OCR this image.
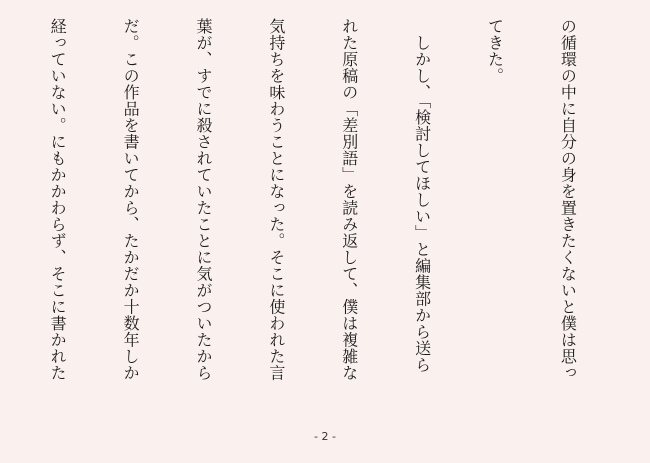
の循環の中に自分の身を置きたくないと僕は思っ

てきた。

　しかし、「検討してほしい」と編集部から送ら

れた原稿の「差別語」を読み返して、僕は複雑な

気持ちを味わうことになった。そこに使われた言

葉が、すでに殺されていたことに気がついたから

だ。この作品を書いてから、たかだか十数年しか

経っていない。にもかかわらず、そこに書かれた

- 2 -
